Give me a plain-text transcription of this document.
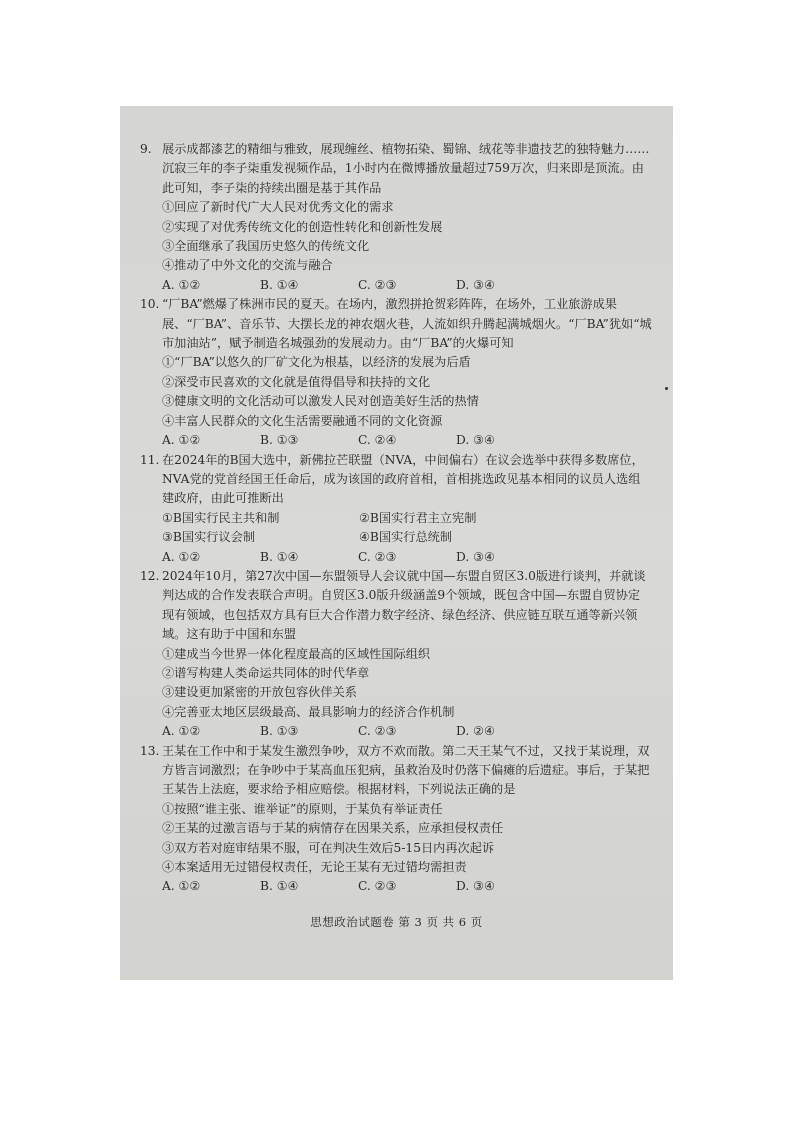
9. 展示成都漆艺的精细与雅致，展现缠丝、植物拓染、蜀锦、绒花等非遗技艺的独特魅力……沉寂三年的李子柒重发视频作品，1小时内在微博播放量超过759万次，归来即是顶流。由此可知，李子柒的持续出圈是基于其作品
①回应了新时代广大人民对优秀文化的需求
②实现了对优秀传统文化的创造性转化和创新性发展
③全面继承了我国历史悠久的传统文化
④推动了中外文化的交流与融合
A. ①②	B. ①④	C. ②③	D. ③④
10. “厂BA”燃爆了株洲市民的夏天。在场内，激烈拼抢贺彩阵阵，在场外，工业旅游成果展、“厂BA”、音乐节、大摆长龙的神农烟火巷，人流如织升腾起满城烟火。“厂BA”犹如“城市加油站”，赋予制造名城强劲的发展动力。由“厂BA”的火爆可知
①“厂BA”以悠久的厂矿文化为根基，以经济的发展为后盾
②深受市民喜欢的文化就是值得倡导和扶持的文化
③健康文明的文化活动可以激发人民对创造美好生活的热情
④丰富人民群众的文化生活需要融通不同的文化资源
A. ①②	B. ①③	C. ②④	D. ③④
11. 在2024年的B国大选中，新佛拉芒联盟（NVA，中间偏右）在议会选举中获得多数席位，NVA党的党首经国王任命后，成为该国的政府首相，首相挑选政见基本相同的议员人选组建政府，由此可推断出
①B国实行民主共和制	②B国实行君主立宪制
③B国实行议会制	④B国实行总统制
A. ①②	B. ①④	C. ②③	D. ③④
12. 2024年10月，第27次中国—东盟领导人会议就中国—东盟自贸区3.0版进行谈判，并就谈判达成的合作发表联合声明。自贸区3.0版升级涵盖9个领域，既包含中国—东盟自贸协定现有领域，也包括双方具有巨大合作潜力数字经济、绿色经济、供应链互联互通等新兴领域。这有助于中国和东盟
①建成当今世界一体化程度最高的区域性国际组织
②谱写构建人类命运共同体的时代华章
③建设更加紧密的开放包容伙伴关系
④完善亚太地区层级最高、最具影响力的经济合作机制
A. ①②	B. ①③	C. ②③	D. ②④
13. 王某在工作中和于某发生激烈争吵，双方不欢而散。第二天王某气不过，又找于某说理，双方皆言词激烈；在争吵中于某高血压犯病，虽救治及时仍落下偏瘫的后遗症。事后，于某把王某告上法庭，要求给予相应赔偿。根据材料，下列说法正确的是
①按照“谁主张、谁举证”的原则，于某负有举证责任
②王某的过激言语与于某的病情存在因果关系，应承担侵权责任
③双方若对庭审结果不服，可在判决生效后5-15日内再次起诉
④本案适用无过错侵权责任，无论王某有无过错均需担责
A. ①②	B. ①④	C. ②③	D. ③④
思想政治试题卷 第 3 页 共 6 页
